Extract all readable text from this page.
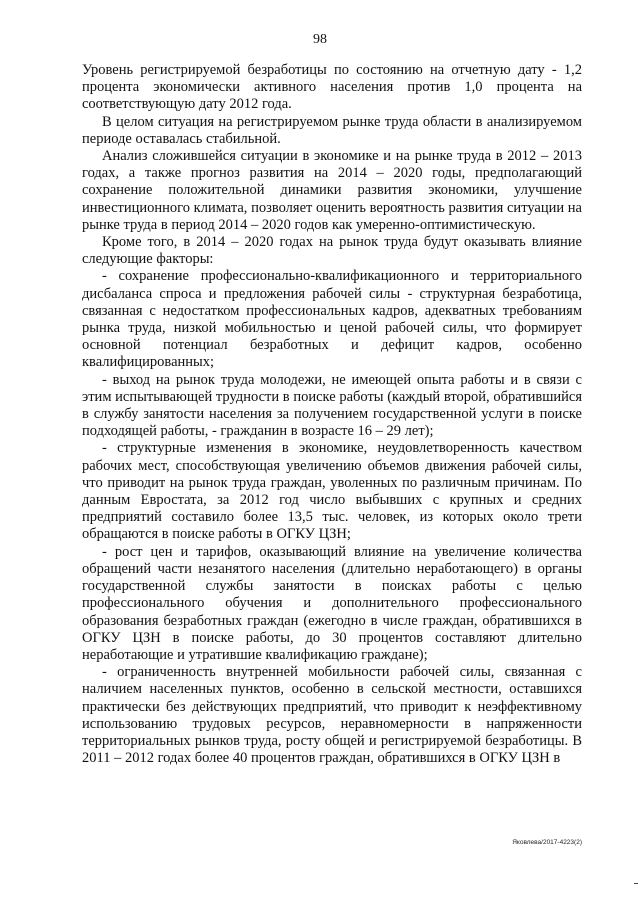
98

Уровень регистрируемой безработицы по состоянию на отчетную дату - 1,2 процента экономически активного населения против 1,0 процента на соответствующую дату 2012 года.

В целом ситуация на регистрируемом рынке труда области в анализируемом периоде оставалась стабильной.

Анализ сложившейся ситуации в экономике и на рынке труда в 2012 – 2013 годах, а также прогноз развития на 2014 – 2020 годы, предполагающий сохранение положительной динамики развития экономики, улучшение инвестиционного климата, позволяет оценить вероятность развития ситуации на рынке труда в период 2014 – 2020 годов как умеренно-оптимистическую.

Кроме того, в 2014 – 2020 годах на рынок труда будут оказывать влияние следующие факторы:

- сохранение профессионально-квалификационного и территориального дисбаланса спроса и предложения рабочей силы - структурная безработица, связанная с недостатком профессиональных кадров, адекватных требованиям рынка труда, низкой мобильностью и ценой рабочей силы, что формирует основной потенциал безработных и дефицит кадров, особенно квалифицированных;

- выход на рынок труда молодежи, не имеющей опыта работы и в связи с этим испытывающей трудности в поиске работы (каждый второй, обратившийся в службу занятости населения за получением государственной услуги в поиске подходящей работы, - гражданин в возрасте 16 – 29 лет);

- структурные изменения в экономике, неудовлетворенность качеством рабочих мест, способствующая увеличению объемов движения рабочей силы, что приводит на рынок труда граждан, уволенных по различным причинам. По данным Евростата, за 2012 год число выбывших с крупных и средних предприятий составило более 13,5 тыс. человек, из которых около трети обращаются в поиске работы в ОГКУ ЦЗН;

- рост цен и тарифов, оказывающий влияние на увеличение количества обращений части незанятого населения (длительно неработающего) в органы государственной службы занятости в поисках работы с целью профессионального обучения и дополнительного профессионального образования безработных граждан (ежегодно в числе граждан, обратившихся в ОГКУ ЦЗН в поиске работы, до 30 процентов составляют длительно неработающие и утратившие квалификацию граждане);

- ограниченность внутренней мобильности рабочей силы, связанная с наличием населенных пунктов, особенно в сельской местности, оставшихся практически без действующих предприятий, что приводит к неэффективному использованию трудовых ресурсов, неравномерности в напряженности территориальных рынков труда, росту общей и регистрируемой безработицы. В 2011 – 2012 годах более 40 процентов граждан, обратившихся в ОГКУ ЦЗН в

Яковлева/2017-4223(2)
